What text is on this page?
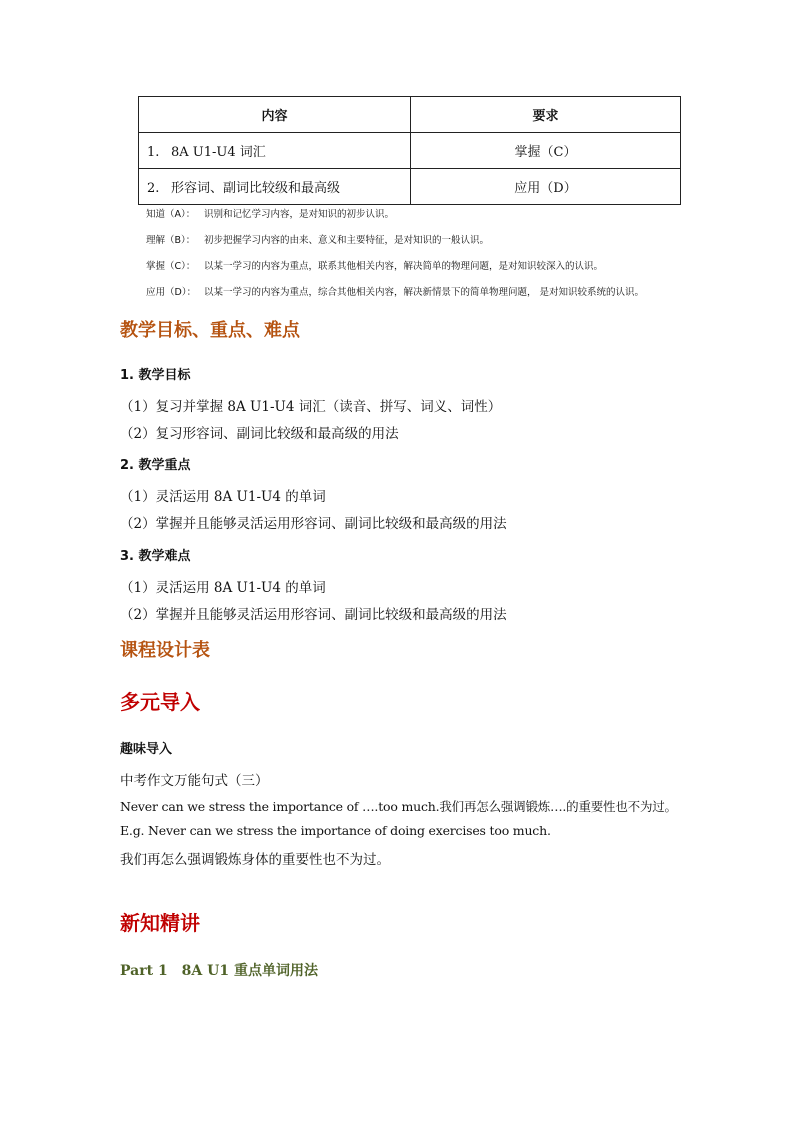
内容	要求
1. 8A U1-U4 词汇	掌握（C）
2. 形容词、副词比较级和最高级	应用（D）
知道（A）： 识别和记忆学习内容，是对知识的初步认识。
理解（B）： 初步把握学习内容的由来、意义和主要特征，是对知识的一般认识。
掌握（C）： 以某一学习的内容为重点，联系其他相关内容，解决简单的物理问题，是对知识较深入的认识。
应用（D）： 以某一学习的内容为重点，综合其他相关内容，解决新情景下的简单物理问题， 是对知识较系统的认识。
教学目标、重点、难点
1. 教学目标
（1）复习并掌握 8A U1-U4 词汇（读音、拼写、词义、词性）
（2）复习形容词、副词比较级和最高级的用法
2. 教学重点
（1）灵活运用 8A U1-U4 的单词
（2）掌握并且能够灵活运用形容词、副词比较级和最高级的用法
3. 教学难点
（1）灵活运用 8A U1-U4 的单词
（2）掌握并且能够灵活运用形容词、副词比较级和最高级的用法
课程设计表
多元导入
趣味导入
中考作文万能句式（三）
Never can we stress the importance of ….too much.我们再怎么强调锻炼….的重要性也不为过。
E.g. Never can we stress the importance of doing exercises too much.
我们再怎么强调锻炼身体的重要性也不为过。
新知精讲
Part 1　8A U1 重点单词用法
